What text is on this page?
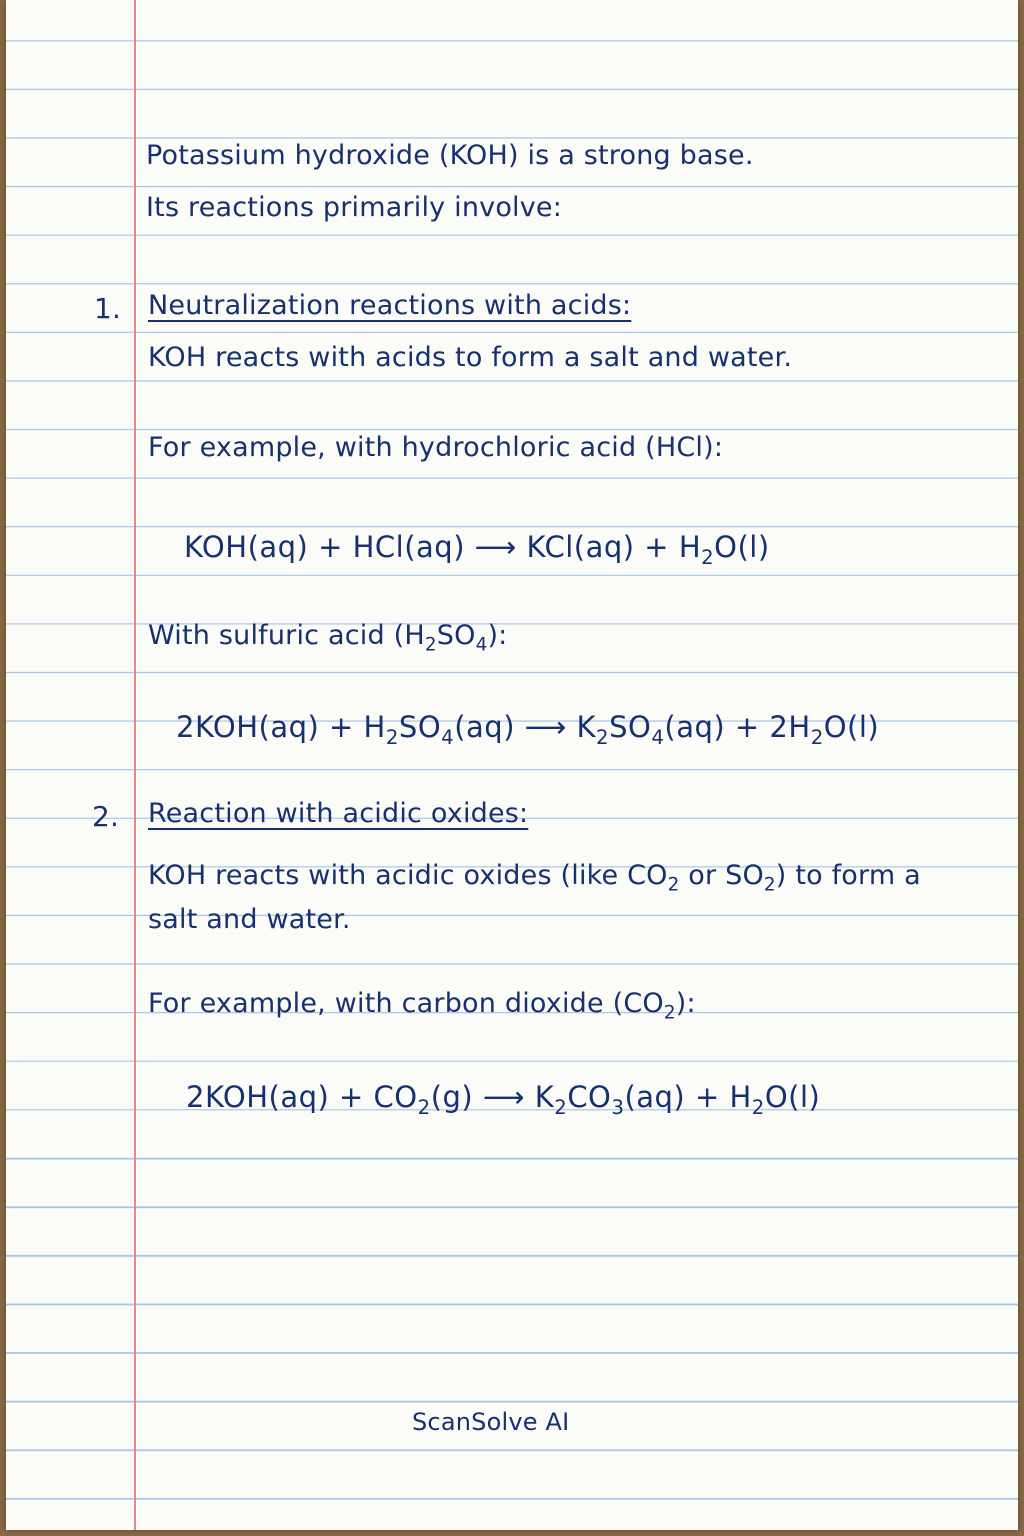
Potassium hydroxide (KOH) is a strong base.
Its reactions primarily involve:
1. Neutralization reactions with acids:
KOH reacts with acids to form a salt and water.
For example, with hydrochloric acid (HCl):
KOH(aq) + HCl(aq) ⟶ $KCl(aq) + H_2O(l)$
With sulfuric acid $(H_2SO_4)$:
$2KOH(aq) + H_2SO_4(aq)$ ⟶ $K_2SO_4(aq) + 2H_2O(l)$
2. Reaction with acidic oxides:
KOH reacts with acidic oxides (like $CO_2$ or $SO_2$) to form a
salt and water.
For example, with carbon dioxide $(CO_2)$:
$2KOH(aq) + CO_2(g)$ ⟶ $K_2CO_3(aq) + H_2O(l)$
ScanSolve AI
